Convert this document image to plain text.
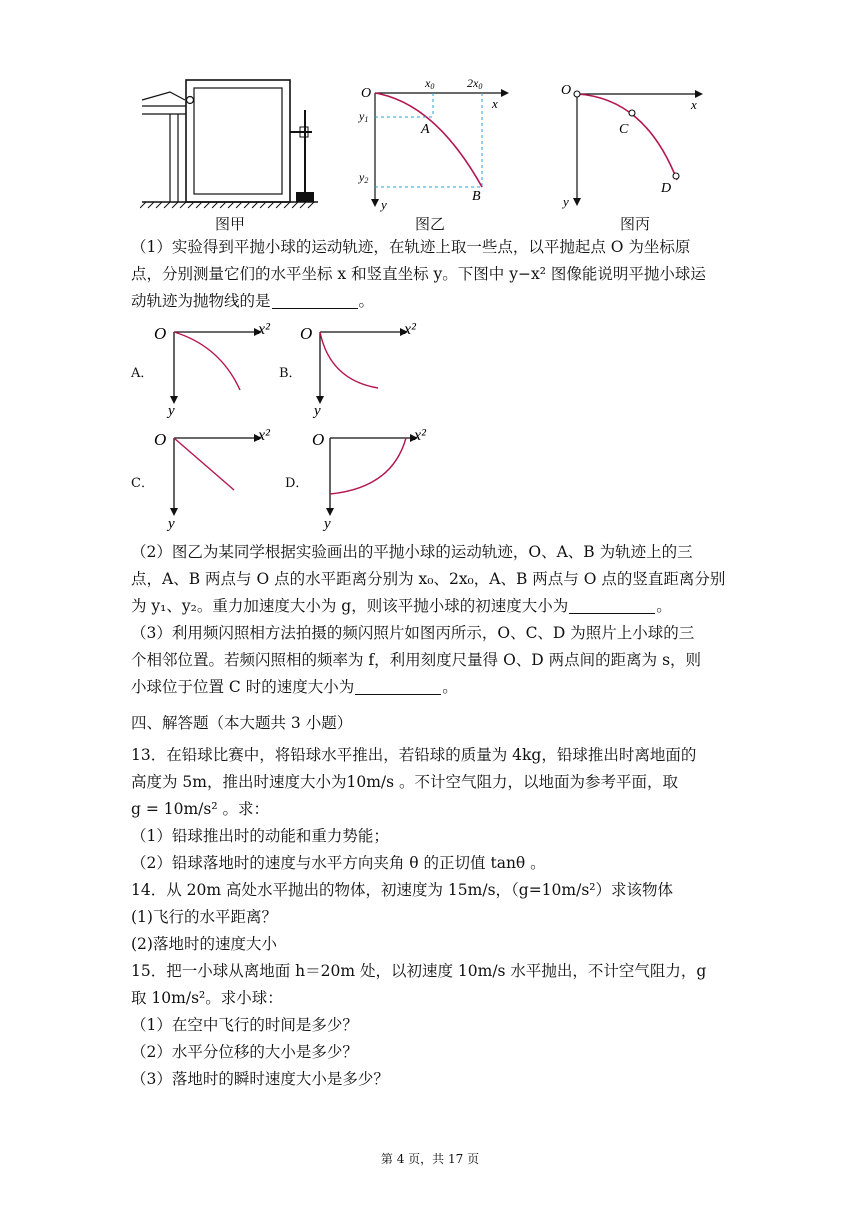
O
x0	2x0
x
y1
y2
A
B
y
O
x
C
D
y
图甲	图乙	图丙
（1）实验得到平抛小球的运动轨迹，在轨迹上取一些点，以平抛起点 O 为坐标原
点，分别测量它们的水平坐标 x 和竖直坐标 y。下图中 y−x² 图像能说明平抛小球运
动轨迹为抛物线的是	。
A．
O	x²
y
B．
O	x²
y
C．
O	x²
y
D．
O	x²
y
（2）图乙为某同学根据实验画出的平抛小球的运动轨迹，O、A、B 为轨迹上的三
点，A、B 两点与 O 点的水平距离分别为 x₀、2x₀，A、B 两点与 O 点的竖直距离分别
为 y₁、y₂。重力加速度大小为 g，则该平抛小球的初速度大小为	。
（3）利用频闪照相方法拍摄的频闪照片如图丙所示，O、C、D 为照片上小球的三
个相邻位置。若频闪照相的频率为 f，利用刻度尺量得 O、D 两点间的距离为 s，则
小球位于位置 C 时的速度大小为	。
四、解答题（本大题共 3 小题）
13．在铅球比赛中，将铅球水平推出，若铅球的质量为 4kg，铅球推出时离地面的
高度为 5m，推出时速度大小为10m/s 。不计空气阻力，以地面为参考平面，取
g = 10m/s² 。求：
（1）铅球推出时的动能和重力势能；
（2）铅球落地时的速度与水平方向夹角 θ 的正切值 tanθ 。
14．从 20m 高处水平抛出的物体，初速度为 15m/s，（g=10m/s²）求该物体
(1)飞行的水平距离？
(2)落地时的速度大小
15．把一小球从离地面 h＝20m 处，以初速度 10m/s 水平抛出，不计空气阻力，g
取 10m/s²。求小球：
（1）在空中飞行的时间是多少？
（2）水平分位移的大小是多少？
（3）落地时的瞬时速度大小是多少？
第 4 页，共 17 页
